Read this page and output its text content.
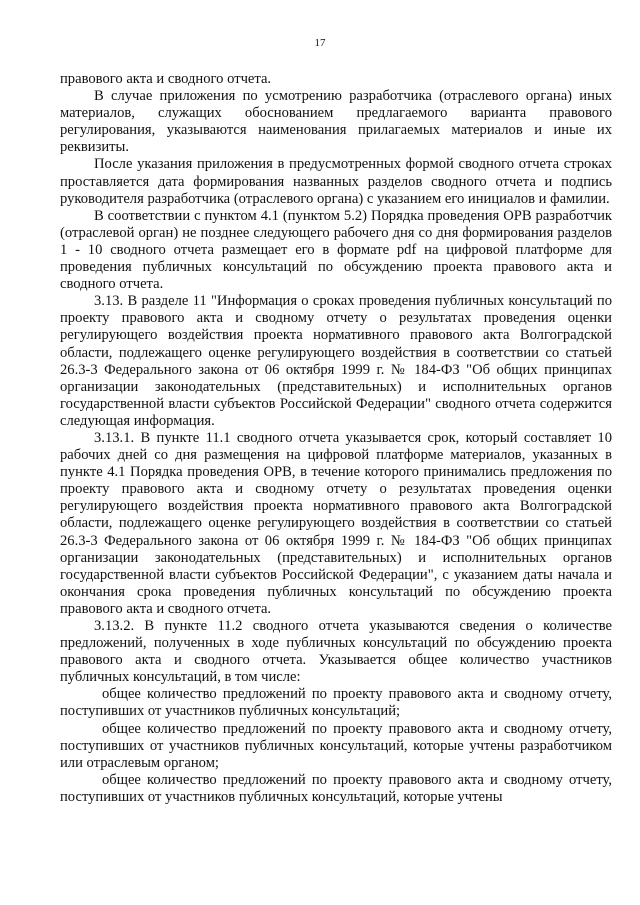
17

правового акта и сводного отчета.

В случае приложения по усмотрению разработчика (отраслевого органа) иных материалов, служащих обоснованием предлагаемого варианта правового регулирования, указываются наименования прилагаемых материалов и иные их реквизиты.

После указания приложения в предусмотренных формой сводного отчета строках проставляется дата формирования названных разделов сводного отчета и подпись руководителя разработчика (отраслевого органа) с указанием его инициалов и фамилии.

В соответствии с пунктом 4.1 (пунктом 5.2) Порядка проведения ОРВ разработчик (отраслевой орган) не позднее следующего рабочего дня со дня формирования разделов 1 - 10 сводного отчета размещает его в формате pdf на цифровой платформе для проведения публичных консультаций по обсуждению проекта правового акта и сводного отчета.

3.13. В разделе 11 "Информация о сроках проведения публичных консультаций по проекту правового акта и сводному отчету о результатах проведения оценки регулирующего воздействия проекта нормативного правового акта Волгоградской области, подлежащего оценке регулирующего воздействия в соответствии со статьей 26.3-3 Федерального закона от 06 октября 1999 г. № 184-ФЗ "Об общих принципах организации законодательных (представительных) и исполнительных органов государственной власти субъектов Российской Федерации" сводного отчета содержится следующая информация.

3.13.1. В пункте 11.1 сводного отчета указывается срок, который составляет 10 рабочих дней со дня размещения на цифровой платформе материалов, указанных в пункте 4.1 Порядка проведения ОРВ, в течение которого принимались предложения по проекту правового акта и сводному отчету о результатах проведения оценки регулирующего воздействия проекта нормативного правового акта Волгоградской области, подлежащего оценке регулирующего воздействия в соответствии со статьей 26.3-3 Федерального закона от 06 октября 1999 г. № 184-ФЗ "Об общих принципах организации законодательных (представительных) и исполнительных органов государственной власти субъектов Российской Федерации", с указанием даты начала и окончания срока проведения публичных консультаций по обсуждению проекта правового акта и сводного отчета.

3.13.2. В пункте 11.2 сводного отчета указываются сведения о количестве предложений, полученных в ходе публичных консультаций по обсуждению проекта правового акта и сводного отчета. Указывается общее количество участников публичных консультаций, в том числе:

общее количество предложений по проекту правового акта и сводному отчету, поступивших от участников публичных консультаций;

общее количество предложений по проекту правового акта и сводному отчету, поступивших от участников публичных консультаций, которые учтены разработчиком или отраслевым органом;

общее количество предложений по проекту правового акта и сводному отчету, поступивших от участников публичных консультаций, которые учтены
